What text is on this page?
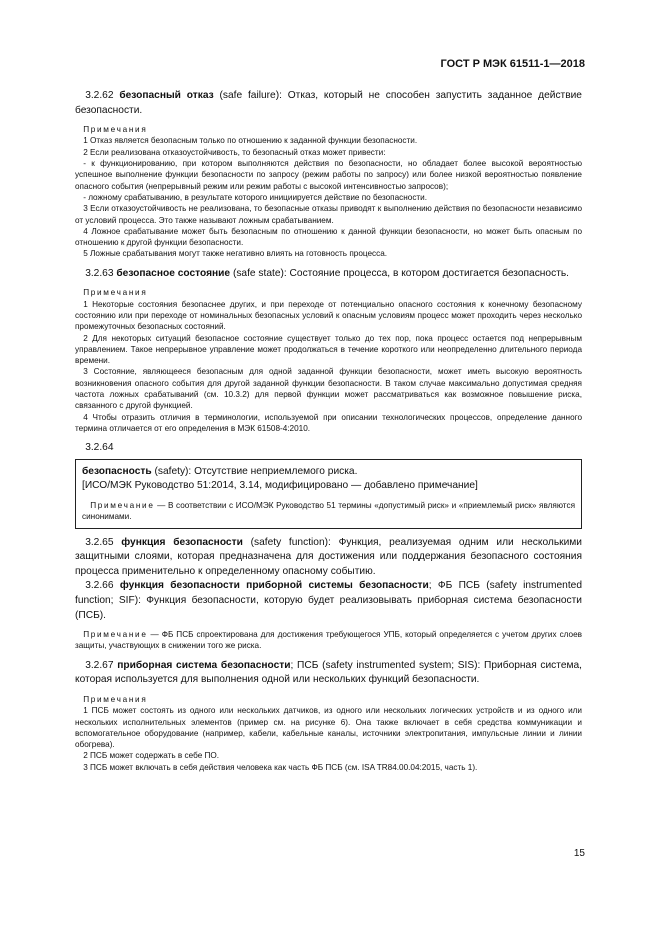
ГОСТ Р МЭК 61511-1—2018

3.2.62 безопасный отказ (safe failure): Отказ, который не способен запустить заданное действие безопасности.

Примечания

1 Отказ является безопасным только по отношению к заданной функции безопасности.

2 Если реализована отказоустойчивость, то безопасный отказ может привести:

- к функционированию, при котором выполняются действия по безопасности, но обладает более высокой вероятностью успешное выполнение функции безопасности по запросу (режим работы по запросу) или более низкой вероятностью появление опасного события (непрерывный режим или режим работы с высокой интенсивностью запросов);

- ложному срабатыванию, в результате которого инициируется действие по безопасности.

3 Если отказоустойчивость не реализована, то безопасные отказы приводят к выполнению действия по безопасности независимо от условий процесса. Это также называют ложным срабатыванием.

4 Ложное срабатывание может быть безопасным по отношению к данной функции безопасности, но может быть опасным по отношению к другой функции безопасности.

5 Ложные срабатывания могут также негативно влиять на готовность процесса.

3.2.63 безопасное состояние (safe state): Состояние процесса, в котором достигается безопасность.

Примечания

1 Некоторые состояния безопаснее других, и при переходе от потенциально опасного состояния к конечному безопасному состоянию или при переходе от номинальных безопасных условий к опасным условиям процесс может проходить через несколько промежуточных безопасных состояний.

2 Для некоторых ситуаций безопасное состояние существует только до тех пор, пока процесс остается под непрерывным управлением. Такое непрерывное управление может продолжаться в течение короткого или неопределенно длительного периода времени.

3 Состояние, являющееся безопасным для одной заданной функции безопасности, может иметь высокую вероятность возникновения опасного события для другой заданной функции безопасности. В таком случае максимально допустимая средняя частота ложных срабатываний (см. 10.3.2) для первой функции может рассматриваться как возможное повышение риска, связанного с другой функцией.

4 Чтобы отразить отличия в терминологии, используемой при описании технологических процессов, определение данного термина отличается от его определения в МЭК 61508-4:2010.

3.2.64

безопасность (safety): Отсутствие неприемлемого риска.

[ИСО/МЭК Руководство 51:2014, 3.14, модифицировано — добавлено примечание]

Примечание — В соответствии с ИСО/МЭК Руководство 51 термины «допустимый риск» и «приемлемый риск» являются синонимами.

3.2.65 функция безопасности (safety function): Функция, реализуемая одним или несколькими защитными слоями, которая предназначена для достижения или поддержания безопасного состояния процесса применительно к определенному опасному событию.

3.2.66 функция безопасности приборной системы безопасности; ФБ ПСБ (safety instrumented function; SIF): Функция безопасности, которую будет реализовывать приборная система безопасности (ПСБ).

Примечание — ФБ ПСБ спроектирована для достижения требующегося УПБ, который определяется с учетом других слоев защиты, участвующих в снижении того же риска.

3.2.67 приборная система безопасности; ПСБ (safety instrumented system; SIS): Приборная система, которая используется для выполнения одной или нескольких функций безопасности.

Примечания

1 ПСБ может состоять из одного или нескольких датчиков, из одного или нескольких логических устройств и из одного или нескольких исполнительных элементов (пример см. на рисунке 6). Она также включает в себя средства коммуникации и вспомогательное оборудование (например, кабели, кабельные каналы, источники электропитания, импульсные линии и линии обогрева).

2 ПСБ может содержать в себе ПО.

3 ПСБ может включать в себя действия человека как часть ФБ ПСБ (см. ISA TR84.00.04:2015, часть 1).

15
